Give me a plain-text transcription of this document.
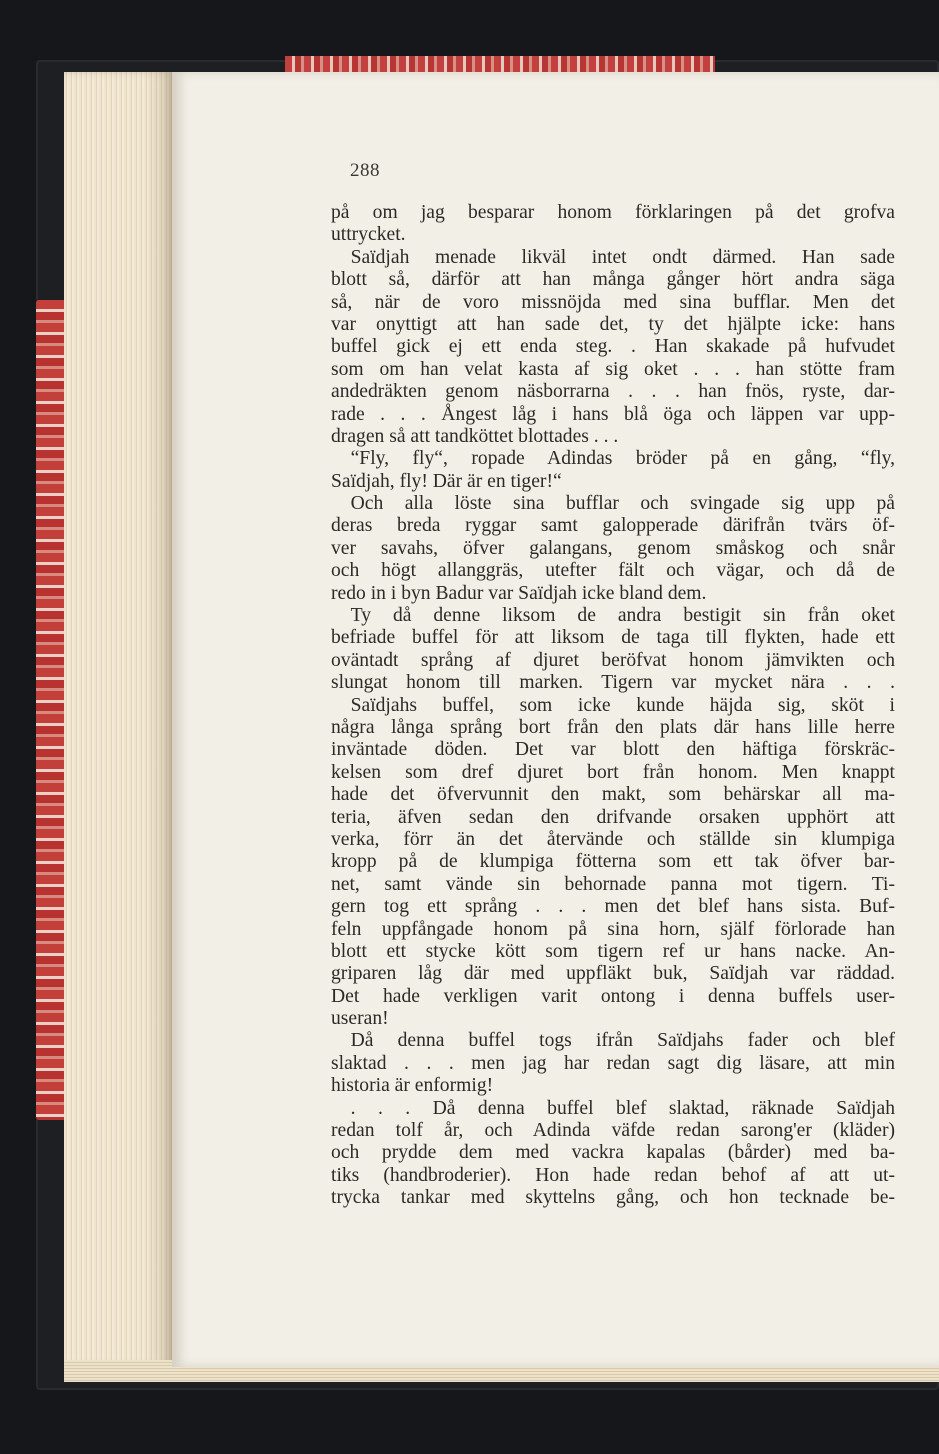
288
på om jag besparar honom förklaringen på det grofva
uttrycket.
 Saïdjah menade likväl intet ondt därmed. Han sade
blott så, därför att han många gånger hört andra säga
så, när de voro missnöjda med sina bufflar. Men det
var onyttigt att han sade det, ty det hjälpte icke: hans
buffel gick ej ett enda steg. . Han skakade på hufvudet
som om han velat kasta af sig oket . . . han stötte fram
andedräkten genom näsborrarna . . . han fnös, ryste, dar-
rade . . . Ångest låg i hans blå öga och läppen var upp-
dragen så att tandköttet blottades . . .
 “Fly, fly“, ropade Adindas bröder på en gång, “fly,
Saïdjah, fly! Där är en tiger!“
 Och alla löste sina bufflar och svingade sig upp på
deras breda ryggar samt galopperade därifrån tvärs öf-
ver savahs, öfver galangans, genom småskog och snår
och högt allanggräs, utefter fält och vägar, och då de
redo in i byn Badur var Saïdjah icke bland dem.
 Ty då denne liksom de andra bestigit sin från oket
befriade buffel för att liksom de taga till flykten, hade ett
oväntadt språng af djuret beröfvat honom jämvikten och
slungat honom till marken. Tigern var mycket nära . . .
 Saïdjahs buffel, som icke kunde häjda sig, sköt i
några långa språng bort från den plats där hans lille herre
inväntade döden. Det var blott den häftiga förskräc-
kelsen som dref djuret bort från honom. Men knappt
hade det öfvervunnit den makt, som behärskar all ma-
teria, äfven sedan den drifvande orsaken upphört att
verka, förr än det återvände och ställde sin klumpiga
kropp på de klumpiga fötterna som ett tak öfver bar-
net, samt vände sin behornade panna mot tigern. Ti-
gern tog ett språng . . . men det blef hans sista. Buf-
feln uppfångade honom på sina horn, själf förlorade han
blott ett stycke kött som tigern ref ur hans nacke. An-
griparen låg där med uppfläkt buk, Saïdjah var räddad.
Det hade verkligen varit ontong i denna buffels user-
useran!
 Då denna buffel togs ifrån Saïdjahs fader och blef
slaktad . . . men jag har redan sagt dig läsare, att min
historia är enformig!
 . . . Då denna buffel blef slaktad, räknade Saïdjah
redan tolf år, och Adinda väfde redan sarong'er (kläder)
och prydde dem med vackra kapalas (bårder) med ba-
tiks (handbroderier). Hon hade redan behof af att ut-
trycka tankar med skyttelns gång, och hon tecknade be-
